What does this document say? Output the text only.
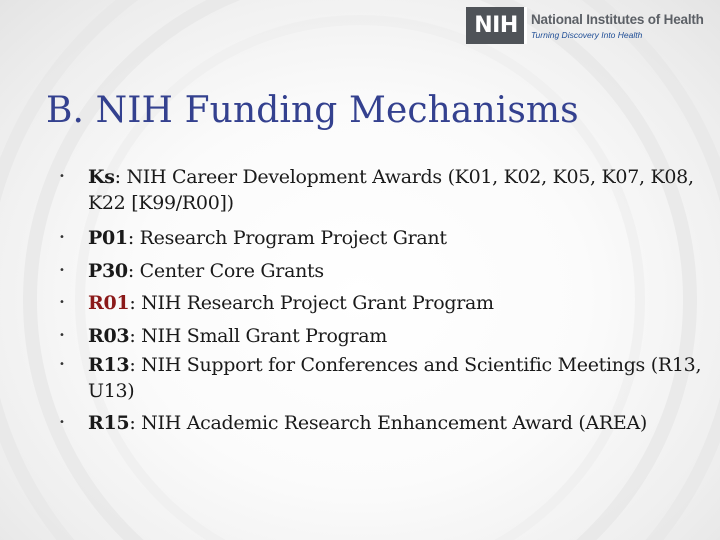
NIH National Institutes of Health
Turning Discovery Into Health
B. NIH Funding Mechanisms
• Ks: NIH Career Development Awards (K01, K02, K05, K07, K08, K22 [K99/R00])
• P01: Research Program Project Grant
• P30: Center Core Grants
• R01: NIH Research Project Grant Program
• R03: NIH Small Grant Program
• R13: NIH Support for Conferences and Scientific Meetings (R13, U13)
• R15: NIH Academic Research Enhancement Award (AREA)
